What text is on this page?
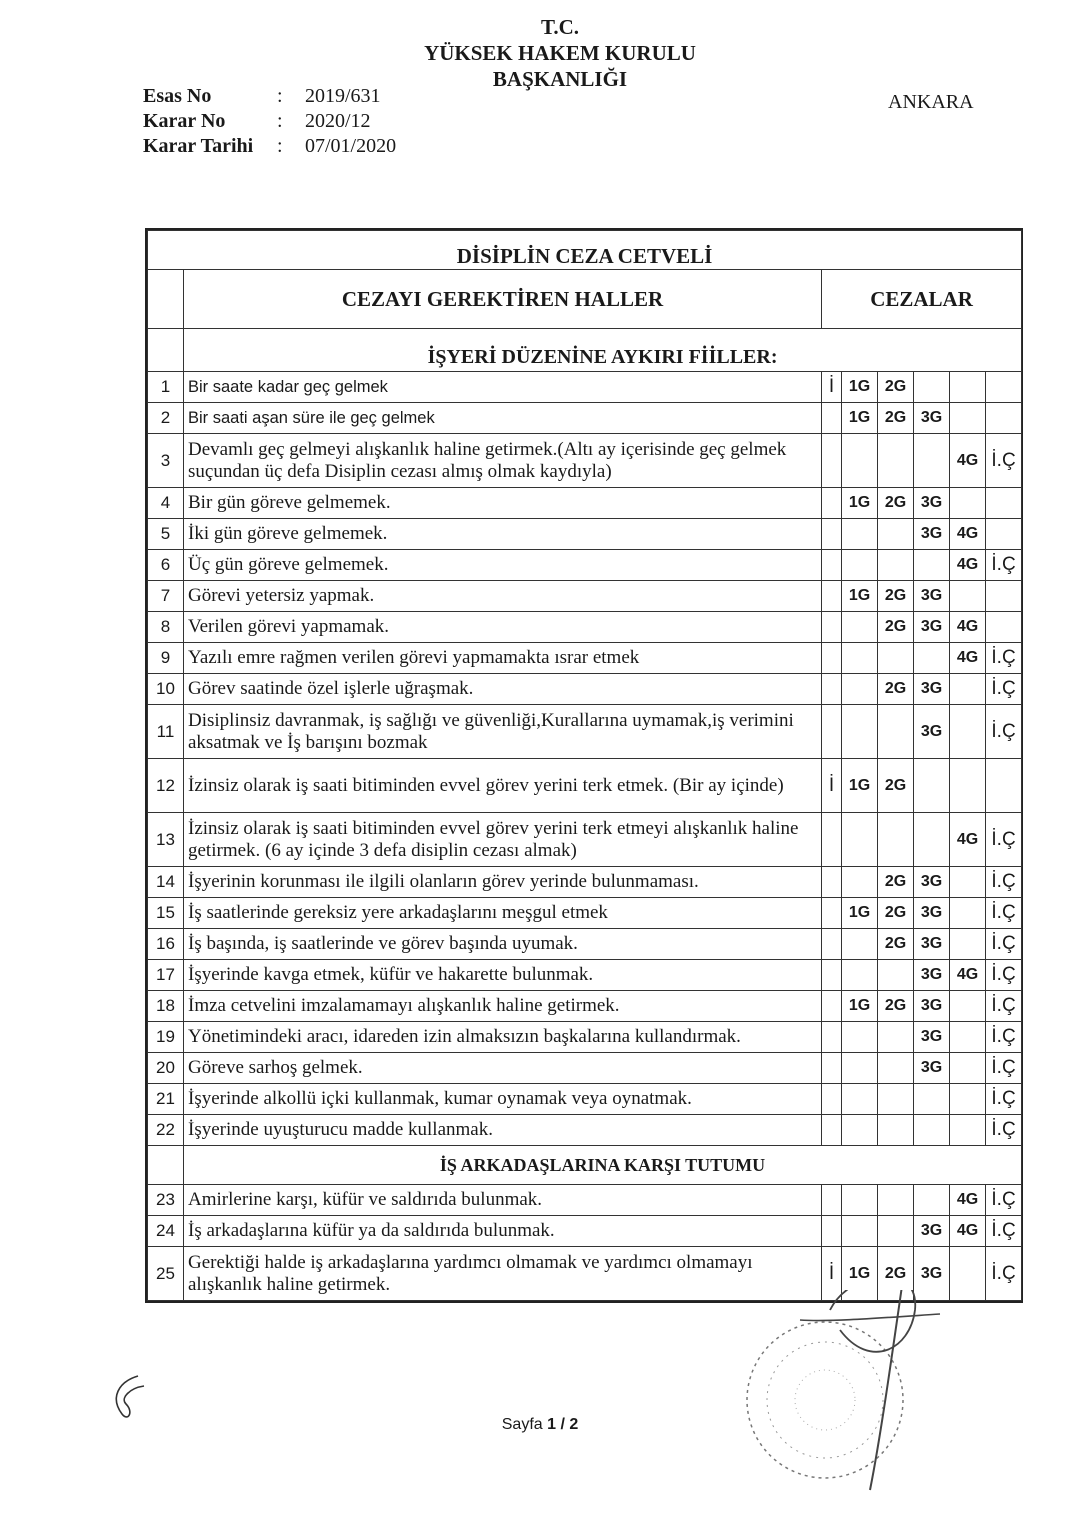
T.C.
YÜKSEK HAKEM KURULU
BAŞKANLIĞI
Esas No	:	2019/631
Karar No	:	2020/12
Karar Tarihi	:	07/01/2020
ANKARA
DİSİPLİN CEZA CETVELİ							
	CEZAYI GEREKTİREN HALLER	CEZALAR					
	İŞYERİ DÜZENİNE AYKIRI FİİLLER:						
1	Bir saate kadar geç gelmek	İ	1G	2G			
2	Bir saati aşan süre ile geç gelmek		1G	2G	3G		
3	Devamlı geç gelmeyi alışkanlık haline getirmek.(Altı ay içerisinde geç gelmek suçundan üç defa Disiplin cezası almış olmak kaydıyla)					4G	İ.Ç
4	Bir gün göreve gelmemek.		1G	2G	3G		
5	İki gün göreve gelmemek.				3G	4G	
6	Üç gün göreve gelmemek.					4G	İ.Ç
7	Görevi yetersiz yapmak.		1G	2G	3G		
8	Verilen görevi yapmamak.			2G	3G	4G	
9	Yazılı emre rağmen verilen görevi yapmamakta ısrar etmek					4G	İ.Ç
10	Görev saatinde özel işlerle uğraşmak.			2G	3G		İ.Ç
11	Disiplinsiz davranmak, iş sağlığı ve güvenliği,Kurallarına uymamak,iş verimini aksatmak ve İş barışını bozmak				3G		İ.Ç
12	İzinsiz olarak iş saati bitiminden evvel görev yerini terk etmek. (Bir ay içinde)	İ	1G	2G			
13	İzinsiz olarak iş saati bitiminden evvel görev yerini terk etmeyi alışkanlık haline getirmek. (6 ay içinde 3 defa disiplin cezası almak)					4G	İ.Ç
14	İşyerinin korunması ile ilgili olanların görev yerinde bulunmaması.			2G	3G		İ.Ç
15	İş saatlerinde gereksiz yere arkadaşlarını meşgul etmek		1G	2G	3G		İ.Ç
16	İş başında, iş saatlerinde ve görev başında uyumak.			2G	3G		İ.Ç
17	İşyerinde kavga etmek, küfür ve hakarette bulunmak.				3G	4G	İ.Ç
18	İmza cetvelini imzalamamayı alışkanlık haline getirmek.		1G	2G	3G		İ.Ç
19	Yönetimindeki aracı, idareden izin almaksızın başkalarına kullandırmak.				3G		İ.Ç
20	Göreve sarhoş gelmek.				3G		İ.Ç
21	İşyerinde alkollü içki kullanmak, kumar oynamak veya oynatmak.						İ.Ç
22	İşyerinde uyuşturucu madde kullanmak.						İ.Ç
	İŞ ARKADAŞLARINA KARŞI TUTUMU						
23	Amirlerine karşı, küfür ve saldırıda bulunmak.					4G	İ.Ç
24	İş arkadaşlarına küfür ya da saldırıda bulunmak.				3G	4G	İ.Ç
25	Gerektiği halde iş arkadaşlarına yardımcı olmamak ve yardımcı olmamayı alışkanlık haline getirmek.	İ	1G	2G	3G		İ.Ç
Sayfa 1 / 2
